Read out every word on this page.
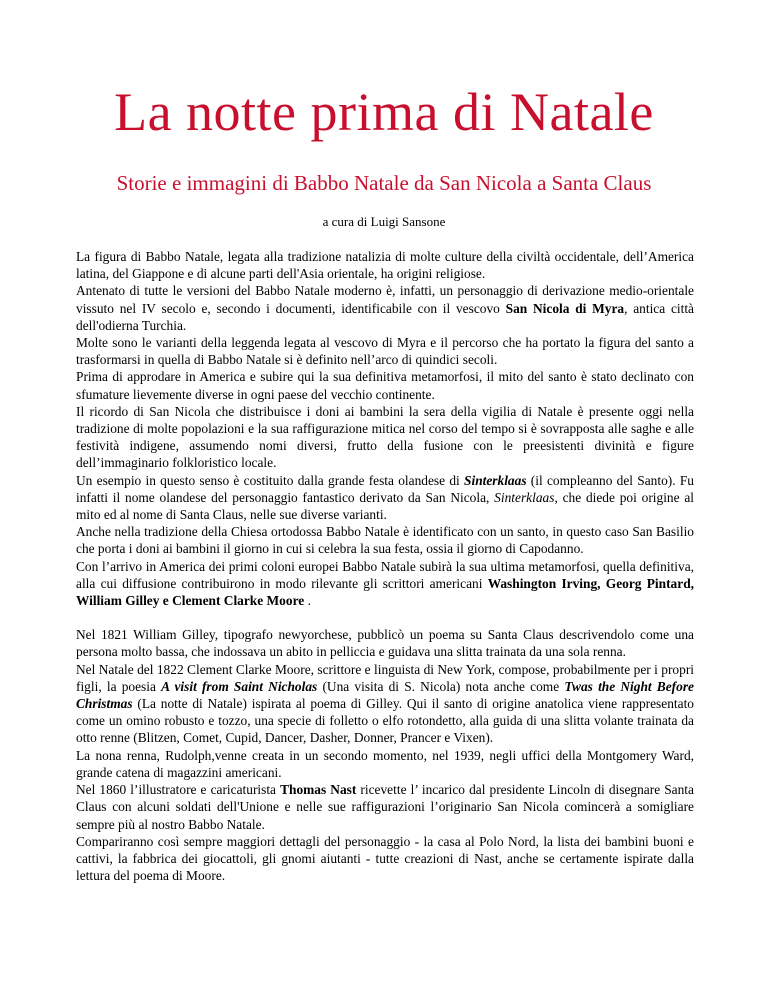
La notte prima di Natale
Storie e immagini di Babbo Natale da San Nicola a Santa Claus
a cura di Luigi Sansone

La figura di Babbo Natale, legata alla tradizione natalizia di molte culture della civiltà occidentale, dell’America latina, del Giappone e di alcune parti dell'Asia orientale, ha origini religiose.

Antenato di tutte le versioni del Babbo Natale moderno è, infatti, un personaggio di derivazione medio-orientale vissuto nel IV secolo e, secondo i documenti, identificabile con il vescovo San Nicola di Myra, antica città dell'odierna Turchia.

Molte sono le varianti della leggenda legata al vescovo di Myra e il percorso che ha portato la figura del santo a trasformarsi in quella di Babbo Natale si è definito nell’arco di quindici secoli.

Prima di approdare in America e subire qui la sua definitiva metamorfosi, il mito del santo è stato declinato con sfumature lievemente diverse in ogni paese del vecchio continente.

Il ricordo di San Nicola che distribuisce i doni ai bambini la sera della vigilia di Natale è presente oggi nella tradizione di molte popolazioni e la sua raffigurazione mitica nel corso del tempo si è sovrapposta alle saghe e alle festività indigene, assumendo nomi diversi, frutto della fusione con le preesistenti divinità e figure dell’immaginario folkloristico locale.

Un esempio in questo senso è costituito dalla grande festa olandese di Sinterklaas (il compleanno del Santo). Fu infatti il nome olandese del personaggio fantastico derivato da San Nicola, Sinterklaas, che diede poi origine al mito ed al nome di Santa Claus, nelle sue diverse varianti.

Anche nella tradizione della Chiesa ortodossa Babbo Natale è identificato con un santo, in questo caso San Basilio che porta i doni ai bambini il giorno in cui si celebra la sua festa, ossia il giorno di Capodanno.

Con l’arrivo in America dei primi coloni europei Babbo Natale subirà la sua ultima metamorfosi, quella definitiva, alla cui diffusione contribuirono in modo rilevante gli scrittori americani Washington Irving, Georg Pintard, William Gilley e Clement Clarke Moore .

Nel 1821 William Gilley, tipografo newyorchese, pubblicò un poema su Santa Claus descrivendolo come una persona molto bassa, che indossava un abito in pelliccia e guidava una slitta trainata da una sola renna.

Nel Natale del 1822 Clement Clarke Moore, scrittore e linguista di New York, compose, probabilmente per i propri figli, la poesia A visit from Saint Nicholas (Una visita di S. Nicola) nota anche come Twas the Night Before Christmas (La notte di Natale) ispirata al poema di Gilley. Qui il santo di origine anatolica viene rappresentato come un omino robusto e tozzo, una specie di folletto o elfo rotondetto, alla guida di una slitta volante trainata da otto renne (Blitzen, Comet, Cupid, Dancer, Dasher, Donner, Prancer e Vixen).

La nona renna, Rudolph,venne creata in un secondo momento, nel 1939, negli uffici della Montgomery Ward, grande catena di magazzini americani.

Nel 1860 l’illustratore e caricaturista Thomas Nast ricevette l’ incarico dal presidente Lincoln di disegnare Santa Claus con alcuni soldati dell'Unione e nelle sue raffigurazioni l’originario San Nicola comincerà a somigliare sempre più al nostro Babbo Natale.

Compariranno così sempre maggiori dettagli del personaggio - la casa al Polo Nord, la lista dei bambini buoni e cattivi, la fabbrica dei giocattoli, gli gnomi aiutanti - tutte creazioni di Nast, anche se certamente ispirate dalla lettura del poema di Moore.
